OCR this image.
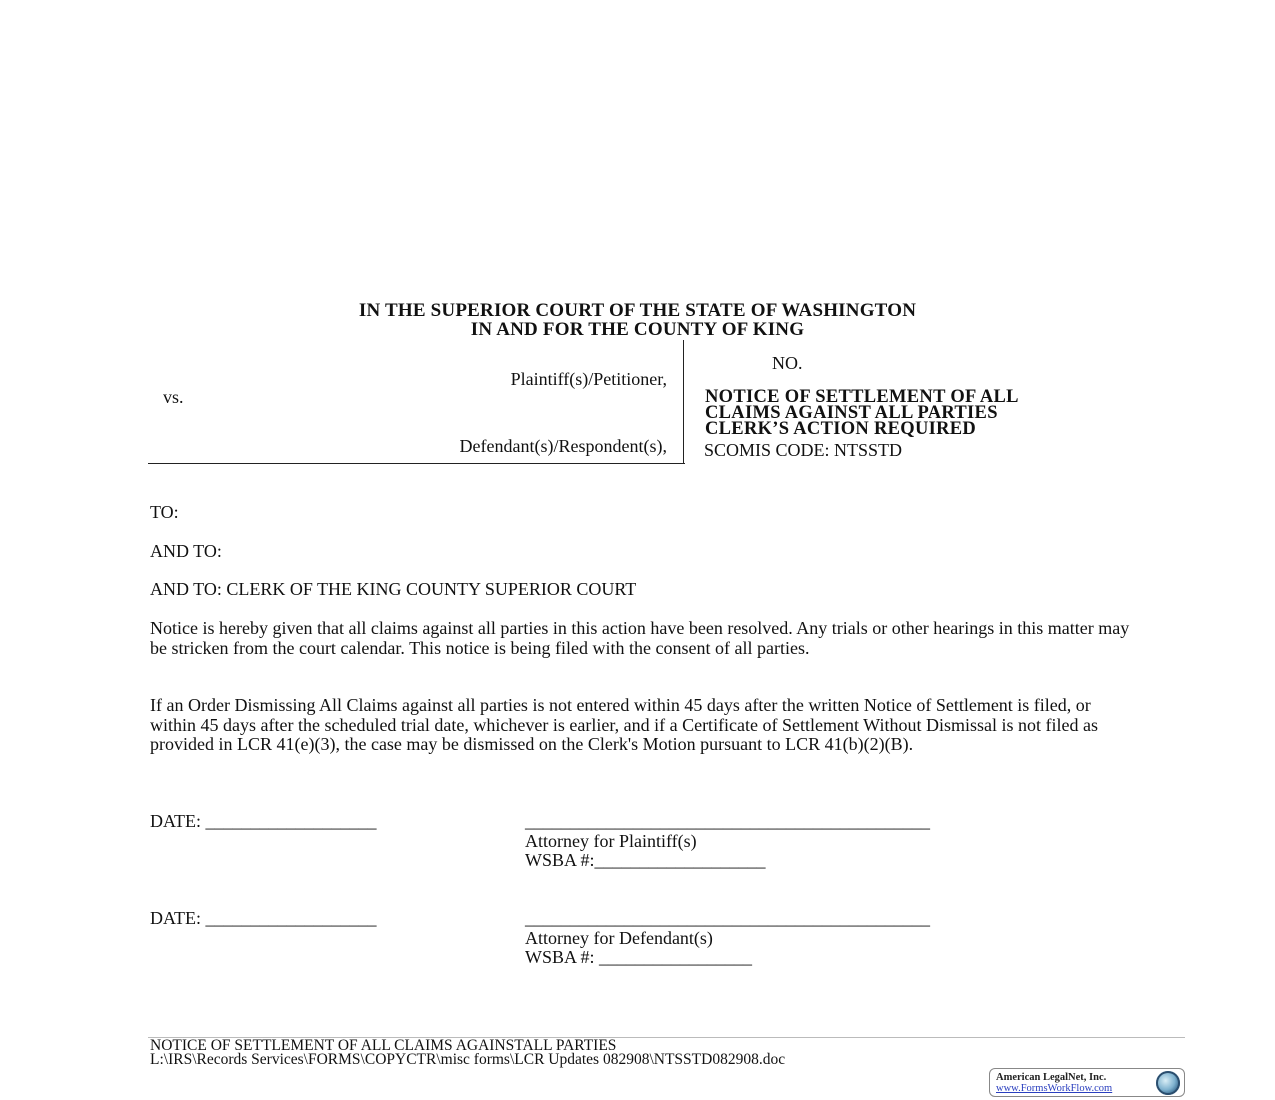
IN THE SUPERIOR COURT OF THE STATE OF WASHINGTON
IN AND FOR THE COUNTY OF KING
Plaintiff(s)/Petitioner,
vs.
Defendant(s)/Respondent(s),
NO.
NOTICE OF SETTLEMENT OF ALL
CLAIMS AGAINST ALL PARTIES
CLERK’S ACTION REQUIRED
SCOMIS CODE: NTSSTD
TO:
AND TO:
AND TO: CLERK OF THE KING COUNTY SUPERIOR COURT

Notice is hereby given that all claims against all parties in this action have been resolved. Any trials or other hearings in this matter may be stricken from the court calendar. This notice is being filed with the consent of all parties.

If an Order Dismissing All Claims against all parties is not entered within 45 days after the written Notice of Settlement is filed, or within 45 days after the scheduled trial date, whichever is earlier, and if a Certificate of Settlement Without Dismissal is not filed as provided in LCR 41(e)(3), the case may be dismissed on the Clerk's Motion pursuant to LCR 41(b)(2)(B).

DATE: ___________________	_____________________________________________
Attorney for Plaintiff(s)
WSBA #:___________________
DATE: ___________________	_____________________________________________
Attorney for Defendant(s)
WSBA #: _________________
NOTICE OF SETTLEMENT OF ALL CLAIMS AGAINSTALL PARTIES
L:\IRS\Records Services\FORMS\COPYCTR\misc forms\LCR Updates 082908\NTSSTD082908.doc
American LegalNet, Inc.
www.FormsWorkFlow.com
